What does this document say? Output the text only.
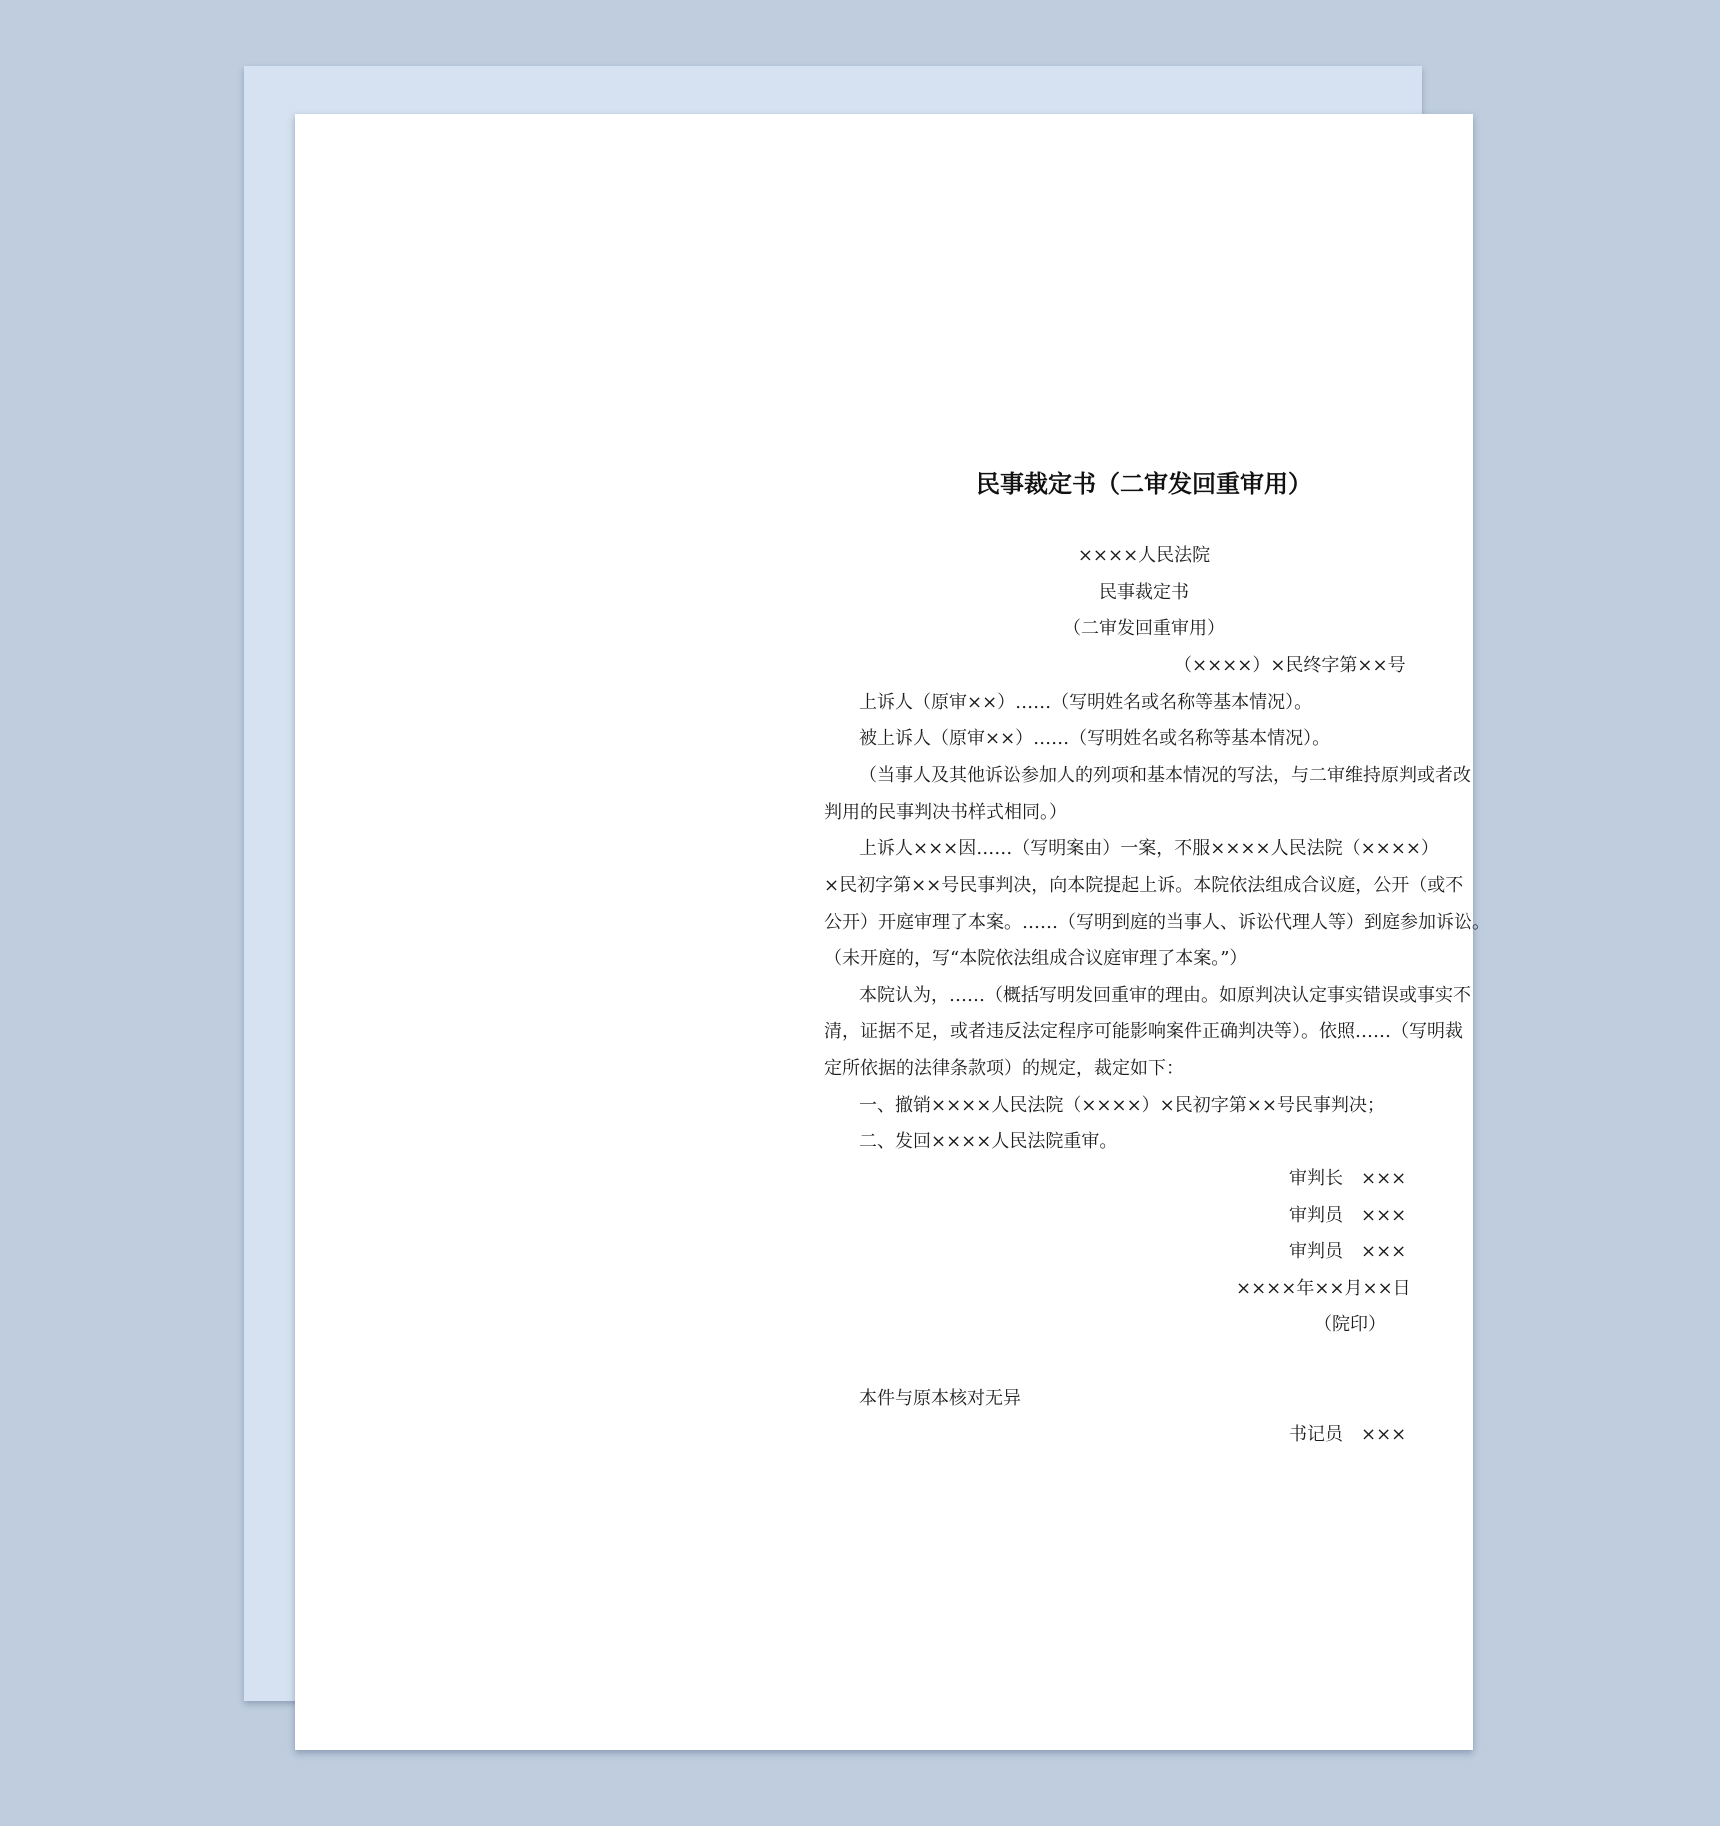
民事裁定书（二审发回重审用）
××××人民法院
民事裁定书
（二审发回重审用）
（××××）×民终字第××号
上诉人（原审××）……（写明姓名或名称等基本情况）。
被上诉人（原审××）……（写明姓名或名称等基本情况）。
（当事人及其他诉讼参加人的列项和基本情况的写法，与二审维持原判或者改
判用的民事判决书样式相同。）
上诉人×××因……（写明案由）一案，不服××××人民法院（××××）
×民初字第××号民事判决，向本院提起上诉。本院依法组成合议庭，公开（或不
公开）开庭审理了本案。……（写明到庭的当事人、诉讼代理人等）到庭参加诉讼。
（未开庭的，写“本院依法组成合议庭审理了本案。”）
本院认为，……（概括写明发回重审的理由。如原判决认定事实错误或事实不
清，证据不足，或者违反法定程序可能影响案件正确判决等）。依照……（写明裁
定所依据的法律条款项）的规定，裁定如下：
一、撤销××××人民法院（××××）×民初字第××号民事判决；
二、发回××××人民法院重审。
审判长　×××
审判员　×××
审判员　×××
××××年××月××日
（院印）
本件与原本核对无异
书记员　×××
